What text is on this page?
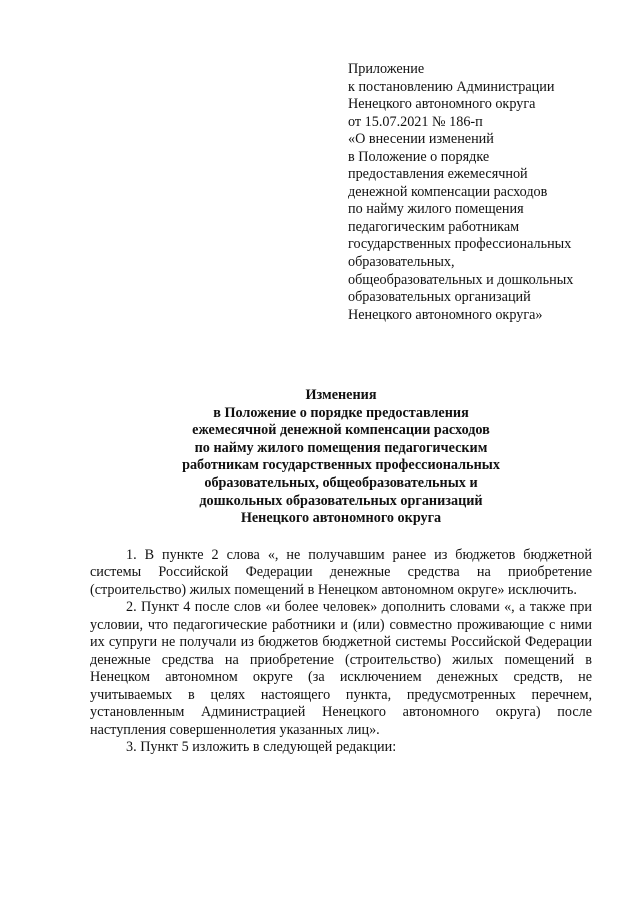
Приложение
к постановлению Администрации
Ненецкого автономного округа
от 15.07.2021 № 186-п
«О внесении изменений
в Положение о порядке
предоставления ежемесячной
денежной компенсации расходов
по найму жилого помещения
педагогическим работникам
государственных профессиональных
образовательных,
общеобразовательных и дошкольных
образовательных организаций
Ненецкого автономного округа»
Изменения
в Положение о порядке предоставления
ежемесячной денежной компенсации расходов
по найму жилого помещения педагогическим
работникам государственных профессиональных
образовательных, общеобразовательных и
дошкольных образовательных организаций
Ненецкого автономного округа

1. В пункте 2 слова «, не получавшим ранее из бюджетов бюджетной системы Российской Федерации денежные средства на приобретение (строительство) жилых помещений в Ненецком автономном округе» исключить.

2. Пункт 4 после слов «и более человек» дополнить словами «, а также при условии, что педагогические работники и (или) совместно проживающие с ними их супруги не получали из бюджетов бюджетной системы Российской Федерации денежные средства на приобретение (строительство) жилых помещений в Ненецком автономном округе (за исключением денежных средств, не учитываемых в целях настоящего пункта, предусмотренных перечнем, установленным Администрацией Ненецкого автономного округа) после наступления совершеннолетия указанных лиц».

3. Пункт 5 изложить в следующей редакции:
